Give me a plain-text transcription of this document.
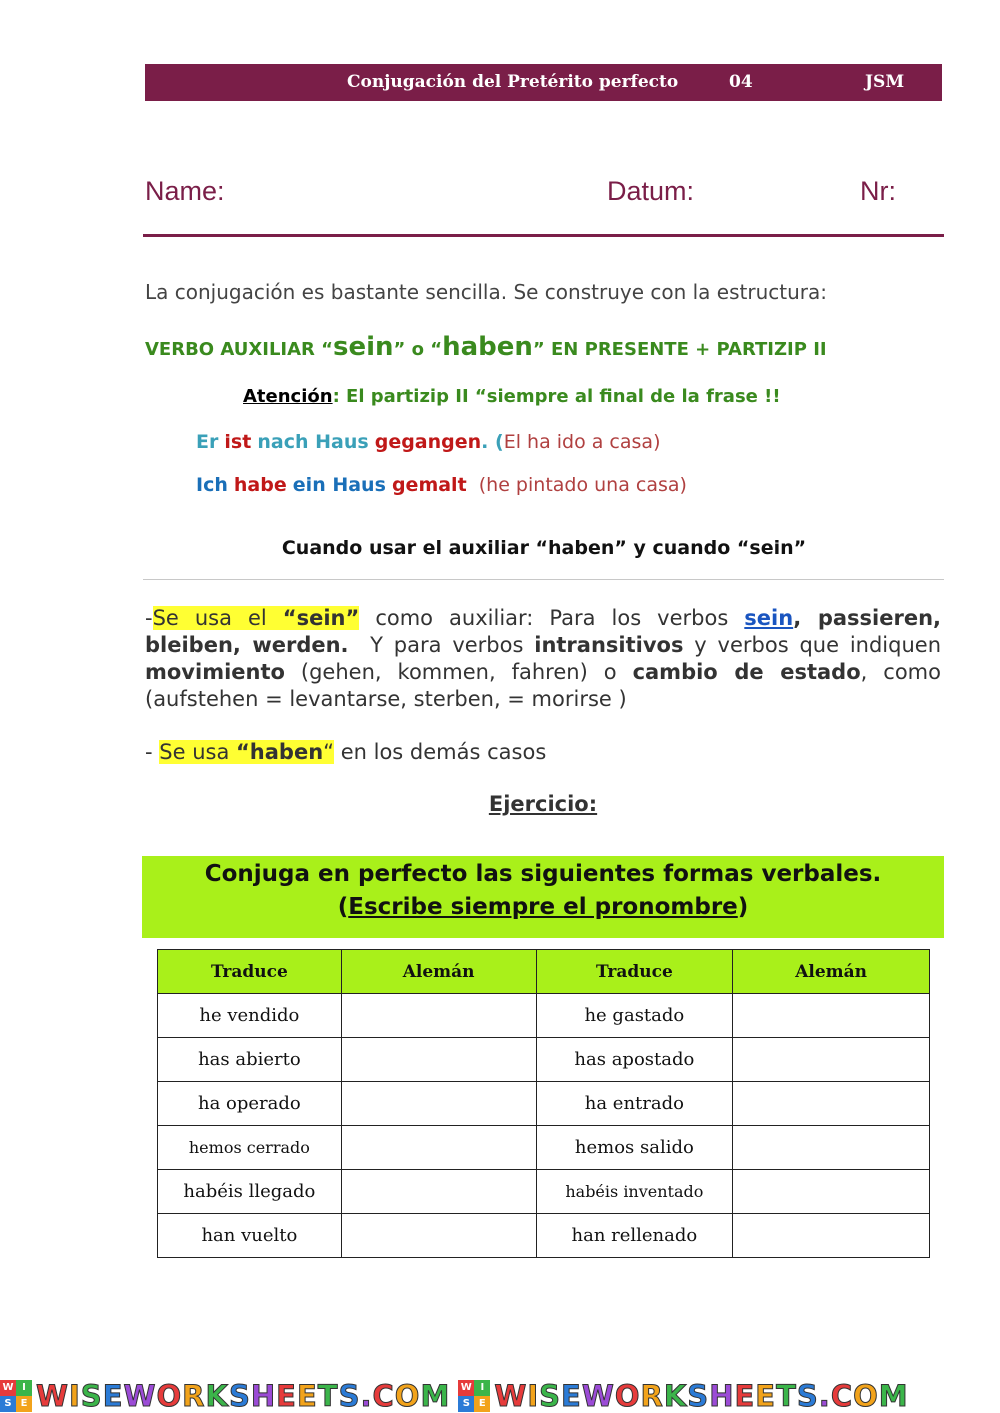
Conjugación del Pretérito perfecto	04	JSM
Name:	Datum:	Nr:
La conjugación es bastante sencilla. Se construye con la estructura:
VERBO AUXILIAR “sein” o “haben” EN PRESENTE + PARTIZIP II
Atención: El partizip II “siempre al final de la frase !!
Er ist nach Haus gegangen. (El ha ido a casa)
Ich habe ein Haus gemalt (he pintado una casa)
Cuando usar el auxiliar “haben” y cuando “sein”
-Se usa el “sein” como auxiliar: Para los verbos sein, passieren, bleiben, werden.  Y para verbos intransitivos y verbos que indiquen movimiento (gehen, kommen, fahren) o cambio de estado, como (aufstehen = levantarse, sterben, = morirse )
- Se usa “haben“ en los demás casos
Ejercicio:
Conjuga en perfecto las siguientes formas verbales.
(Escribe siempre el pronombre)
Traduce	Alemán	Traduce	Alemán
he vendido		he gastado	
has abierto		has apostado	
ha operado		ha entrado	
hemos cerrado		hemos salido	
habéis llegado		habéis inventado	
han vuelto		han rellenado	
W I
S E WISEWORKSHEETS.COM W I
S E WISEWORKSHEETS.COM
